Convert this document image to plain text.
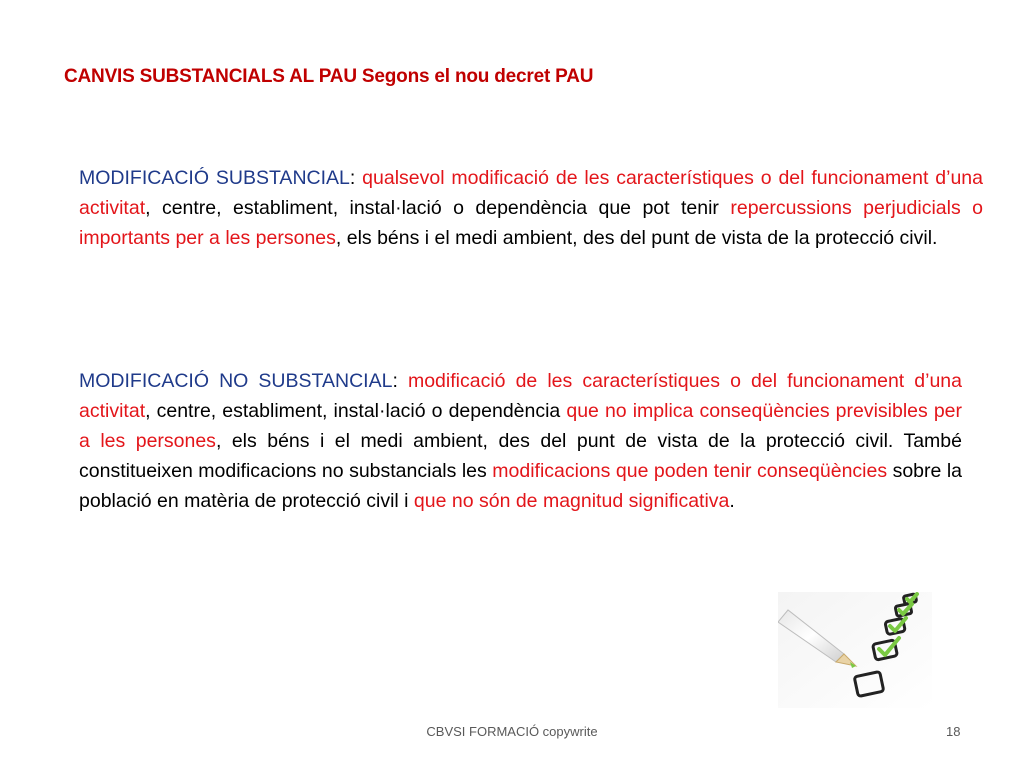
CANVIS SUBSTANCIALS AL PAU Segons el nou decret PAU

MODIFICACIÓ SUBSTANCIAL: qualsevol modificació de les característiques o del funcionament d’una activitat, centre, establiment, instal·lació o dependència que pot tenir repercussions perjudicials o importants per a les persones, els béns i el medi ambient, des del punt de vista de la protecció civil.

MODIFICACIÓ NO SUBSTANCIAL: modificació de les característiques o del funcionament d’una activitat, centre, establiment, instal·lació o dependència que no implica conseqüències previsibles per a les persones, els béns i el medi ambient, des del punt de vista de la protecció civil. També constitueixen modificacions no substancials les modificacions que poden tenir conseqüències sobre la població en matèria de protecció civil i que no són de magnitud significativa.

CBVSI FORMACIÓ copywrite	18
